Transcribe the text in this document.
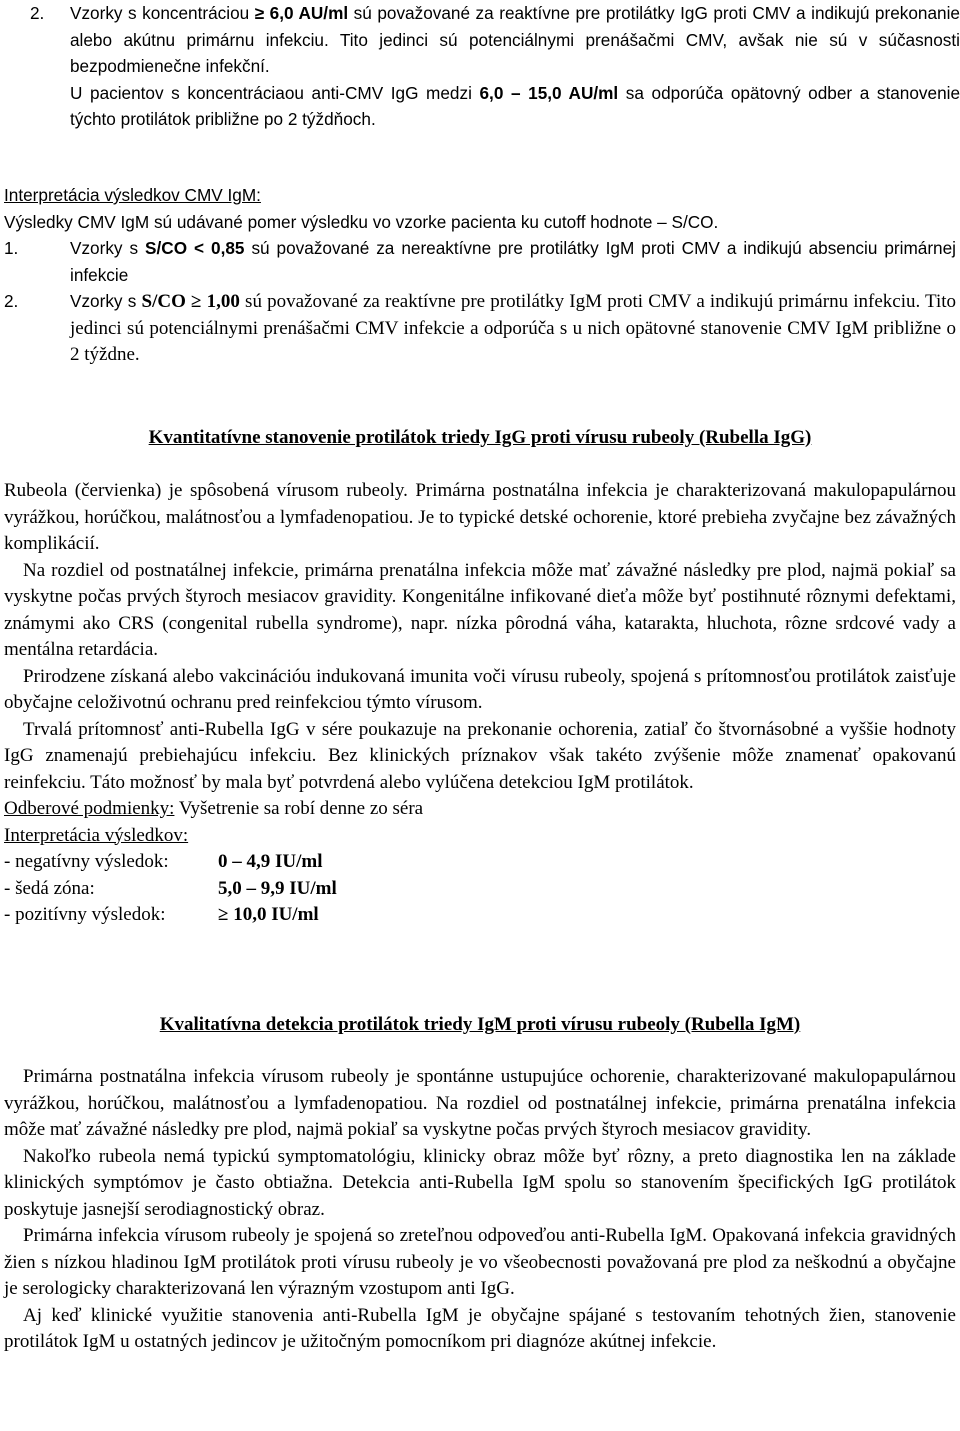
2.	Vzorky s koncentráciou ≥ 6,0 AU/ml sú považované za reaktívne pre protilátky IgG proti CMV a indikujú prekonanie alebo akútnu primárnu infekciu. Tito jedinci sú potenciálnymi prenášačmi CMV, avšak nie sú v súčasnosti bezpodmienečne infekční.
U pacientov s koncentráciaou anti-CMV IgG medzi 6,0 – 15,0 AU/ml sa odporúča opätovný odber a stanovenie týchto protilátok približne po 2 týždňoch.

Interpretácia výsledkov CMV IgM:

Výsledky CMV IgM sú udávané pomer výsledku vo vzorke pacienta ku cutoff hodnote – S/CO.

1.	Vzorky s S/CO < 0,85 sú považované za nereaktívne pre protilátky IgM proti CMV a indikujú absenciu primárnej infekcie
2.	Vzorky s S/CO ≥ 1,00 sú považované za reaktívne pre protilátky IgM proti CMV a indikujú primárnu infekciu. Tito jedinci sú potenciálnymi prenášačmi CMV infekcie a odporúča s u nich opätovné stanovenie CMV IgM približne o 2 týždne.

Kvantitatívne stanovenie protilátok triedy IgG proti vírusu rubeoly (Rubella IgG)

Rubeola (červienka) je spôsobená vírusom rubeoly. Primárna postnatálna infekcia je charakterizovaná makulopapulárnou vyrážkou, horúčkou, malátnosťou a lymfadenopatiou. Je to typické detské ochorenie, ktoré prebieha zvyčajne bez závažných komplikácií.

Na rozdiel od postnatálnej infekcie, primárna prenatálna infekcia môže mať závažné následky pre plod, najmä pokiaľ sa vyskytne počas prvých štyroch mesiacov gravidity. Kongenitálne infikované dieťa môže byť postihnuté rôznymi defektami, známymi ako CRS (congenital rubella syndrome), napr. nízka pôrodná váha, katarakta, hluchota, rôzne srdcové vady a mentálna retardácia.

Prirodzene získaná alebo vakcinációu indukovaná imunita voči vírusu rubeoly, spojená s prítomnosťou protilátok zaisťuje obyčajne celoživotnú ochranu pred reinfekciou týmto vírusom.

Trvalá prítomnosť anti-Rubella IgG v sére poukazuje na prekonanie ochorenia, zatiaľ čo štvornásobné a vyššie hodnoty IgG znamenajú prebiehajúcu infekciu. Bez klinických príznakov však takéto zvýšenie môže znamenať opakovanú reinfekciu. Táto možnosť by mala byť potvrdená alebo vylúčena detekciou IgM protilátok.

Odberové podmienky: Vyšetrenie sa robí denne zo séra

Interpretácia výsledkov:

- negatívny výsledok:	0 – 4,9 IU/ml
- šedá zóna:	5,0 – 9,9 IU/ml
- pozitívny výsledok:	≥ 10,0 IU/ml

Kvalitatívna detekcia protilátok triedy IgM proti vírusu rubeoly (Rubella IgM)

Primárna postnatálna infekcia vírusom rubeoly je spontánne ustupujúce ochorenie, charakterizované makulopapulárnou vyrážkou, horúčkou, malátnosťou a lymfadenopatiou. Na rozdiel od postnatálnej infekcie, primárna prenatálna infekcia môže mať závažné následky pre plod, najmä pokiaľ sa vyskytne počas prvých štyroch mesiacov gravidity.

Nakoľko rubeola nemá typickú symptomatológiu, klinicky obraz môže byť rôzny, a preto diagnostika len na základe klinických symptómov je často obtiažna. Detekcia anti-Rubella IgM spolu so stanovením špecifických IgG protilátok poskytuje jasnejší serodiagnostický obraz.

Primárna infekcia vírusom rubeoly je spojená so zreteľnou odpoveďou anti-Rubella IgM. Opakovaná infekcia gravidných žien s nízkou hladinou IgM protilátok proti vírusu rubeoly je vo všeobecnosti považovaná pre plod za neškodnú a obyčajne je serologicky charakterizovaná len výrazným vzostupom anti IgG.

Aj keď klinické využitie stanovenia anti-Rubella IgM je obyčajne spájané s testovaním tehotných žien, stanovenie protilátok IgM u ostatných jedincov je užitočným pomocníkom pri diagnóze akútnej infekcie.
